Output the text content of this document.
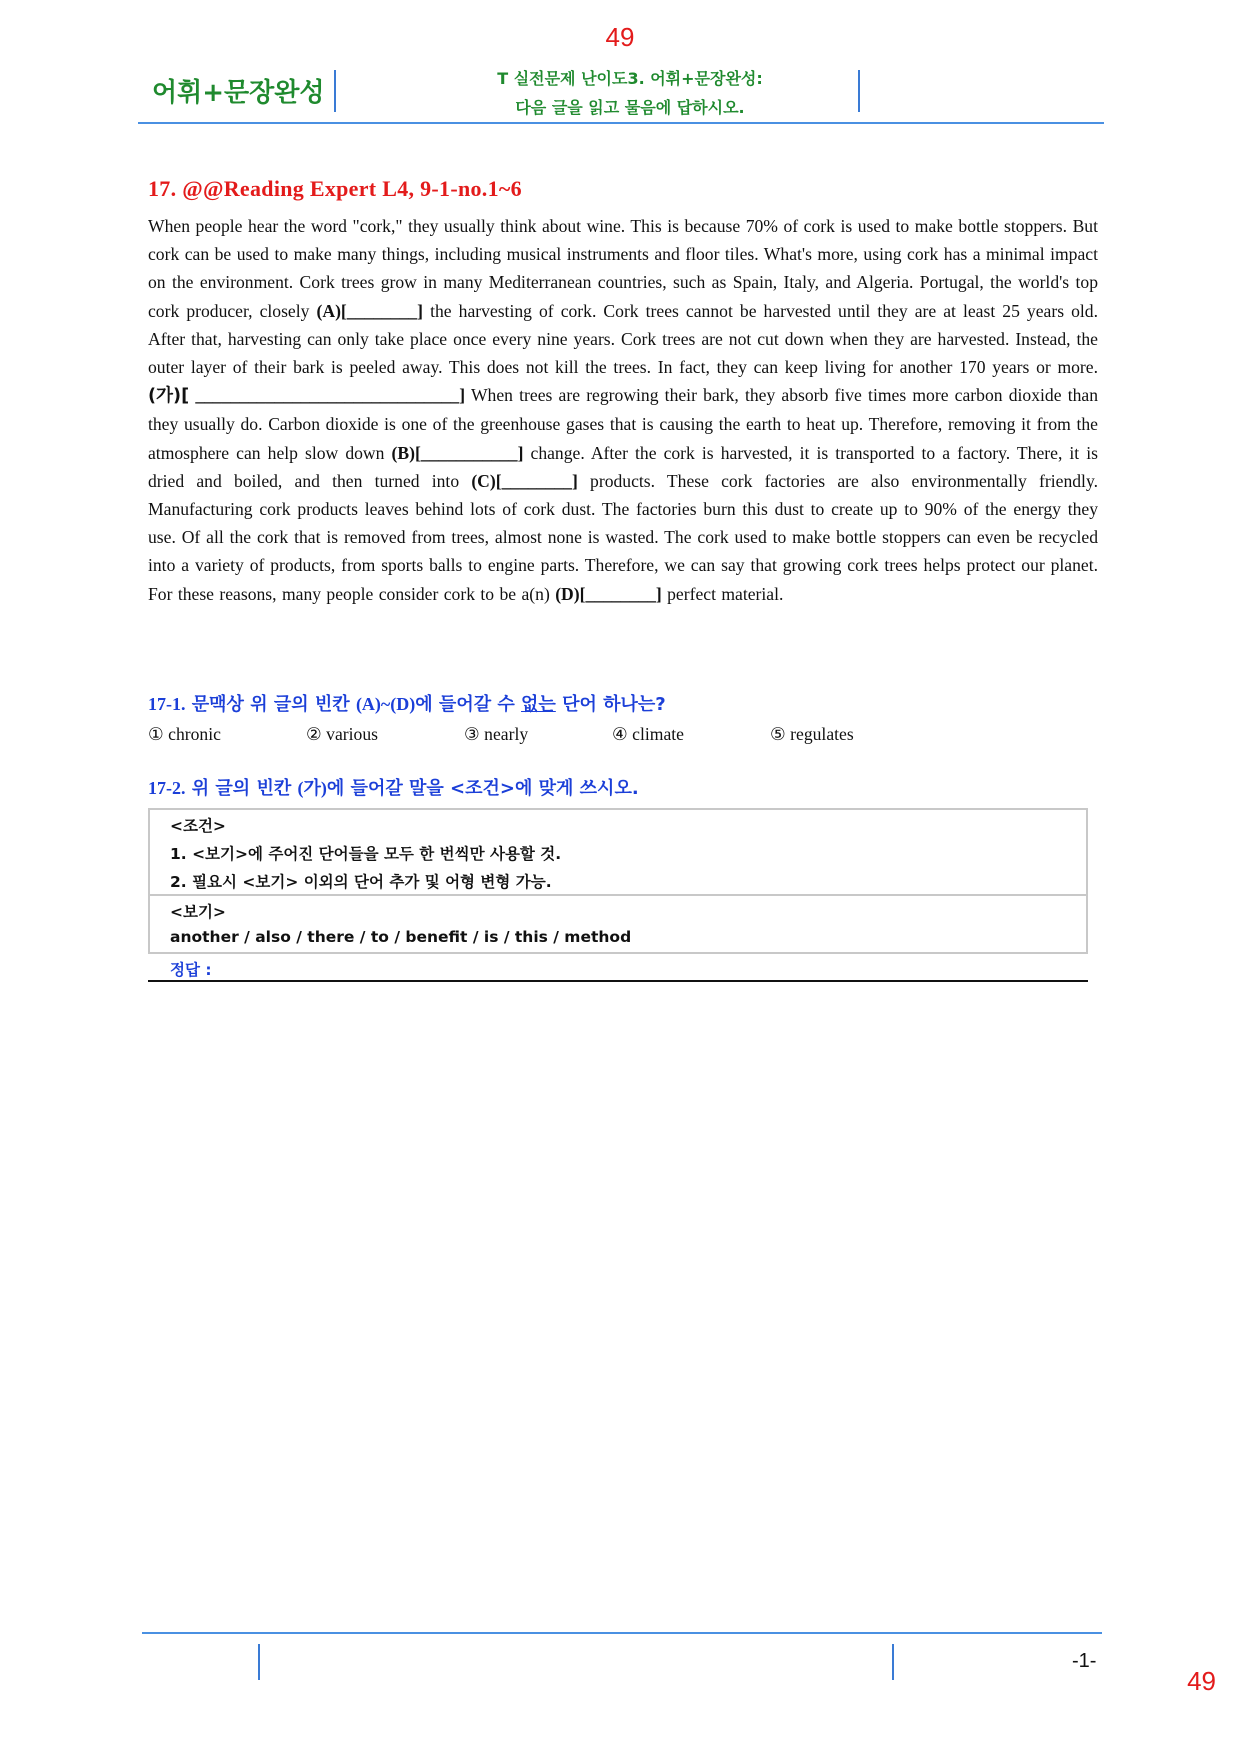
49
49
어휘+문장완성	T 실전문제 난이도3. 어휘+문장완성:
다음 글을 읽고 물음에 답하시오.
17. @@Reading Expert L4, 9-1-no.1~6
When people hear the word "cork," they usually think about wine. This is because 70% of cork is used to make bottle stoppers. But cork can be used to make many things, including musical instruments and floor tiles. What's more, using cork has a minimal impact on the environment. Cork trees grow in many Mediterranean countries, such as Spain, Italy, and Algeria. Portugal, the world's top cork producer, closely (A)[________] the harvesting of cork. Cork trees cannot be harvested until they are at least 25 years old. After that, harvesting can only take place once every nine years. Cork trees are not cut down when they are harvested. Instead, the outer layer of their bark is peeled away. This does not kill the trees. In fact, they can keep living for another 170 years or more. (가)[ ______________________________] When trees are regrowing their bark, they absorb five times more carbon dioxide than they usually do. Carbon dioxide is one of the greenhouse gases that is causing the earth to heat up. Therefore, removing it from the atmosphere can help slow down (B)[___________] change. After the cork is harvested, it is transported to a factory. There, it is dried and boiled, and then turned into (C)[________] products. These cork factories are also environmentally friendly. Manufacturing cork products leaves behind lots of cork dust. The factories burn this dust to create up to 90% of the energy they use. Of all the cork that is removed from trees, almost none is wasted. The cork used to make bottle stoppers can even be recycled into a variety of products, from sports balls to engine parts. Therefore, we can say that growing cork trees helps protect our planet. For these reasons, many people consider cork to be a(n) (D)[________] perfect material.
17-1. 문맥상 위 글의 빈칸 (A)~(D)에 들어갈 수 없는 단어 하나는?
① chronic	② various	③ nearly	④ climate	⑤ regulates
17-2. 위 글의 빈칸 (가)에 들어갈 말을 <조건>에 맞게 쓰시오.
<조건>
1. <보기>에 주어진 단어들을 모두 한 번씩만 사용할 것.
2. 필요시 <보기> 이외의 단어 추가 및 어형 변형 가능.
<보기>
another / also / there / to / benefit / is / this / method
정답 :
-1-
